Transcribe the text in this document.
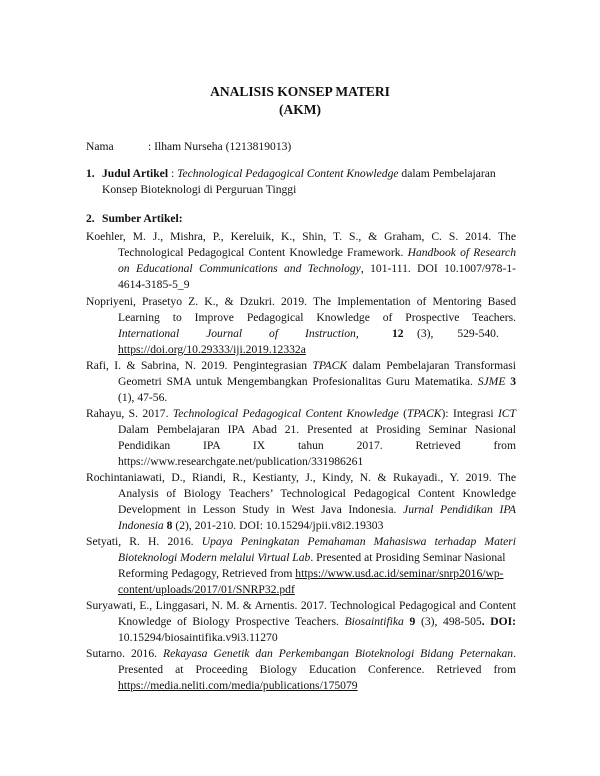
ANALISIS KONSEP MATERI
(AKM)
Nama	: Ilham Nurseha (1213819013)
1. Judul Artikel : Technological Pedagogical Content Knowledge dalam Pembelajaran
Konsep Bioteknologi di Perguruan Tinggi
2. Sumber Artikel:
Koehler, M. J., Mishra, P., Kereluik, K., Shin, T. S., & Graham, C. S. 2014. The
Technological Pedagogical Content Knowledge Framework. Handbook of Research
on Educational Communications and Technology, 101-111. DOI 10.1007/978-1-
4614-3185-5_9
Nopriyeni, Prasetyo Z. K., & Dzukri. 2019. The Implementation of Mentoring Based
Learning to Improve Pedagogical Knowledge of Prospective Teachers.
International Journal of Instruction,	12 (3), 529-540.
https://doi.org/10.29333/iji.2019.12332a
Rafi, I. & Sabrina, N. 2019. Pengintegrasian TPACK dalam Pembelajaran Transformasi
Geometri SMA untuk Mengembangkan Profesionalitas Guru Matematika. SJME 3
(1), 47-56.
Rahayu, S. 2017. Technological Pedagogical Content Knowledge (TPACK): Integrasi ICT
Dalam Pembelajaran IPA Abad 21. Presented at Prosiding Seminar Nasional
Pendidikan IPA IX tahun 2017. Retrieved from
https://www.researchgate.net/publication/331986261
Rochintaniawati, D., Riandi, R., Kestianty, J., Kindy, N. & Rukayadi., Y. 2019. The
Analysis of Biology Teachers’ Technological Pedagogical Content Knowledge
Development in Lesson Study in West Java Indonesia. Jurnal Pendidikan IPA
Indonesia 8 (2), 201-210. DOI: 10.15294/jpii.v8i2.19303
Setyati, R. H. 2016. Upaya Peningkatan Pemahaman Mahasiswa terhadap Materi
Bioteknologi Modern melalui Virtual Lab. Presented at Prosiding Seminar Nasional
Reforming Pedagogy, Retrieved from https://www.usd.ac.id/seminar/snrp2016/wp-
content/uploads/2017/01/SNRP32.pdf
Suryawati, E., Linggasari, N. M. & Arnentis. 2017. Technological Pedagogical and Content
Knowledge of Biology Prospective Teachers. Biosaintifika 9 (3), 498-505. DOI:
10.15294/biosaintifika.v9i3.11270
Sutarno. 2016. Rekayasa Genetik dan Perkembangan Bioteknologi Bidang Peternakan.
Presented at Proceeding Biology Education Conference. Retrieved from
https://media.neliti.com/media/publications/175079
